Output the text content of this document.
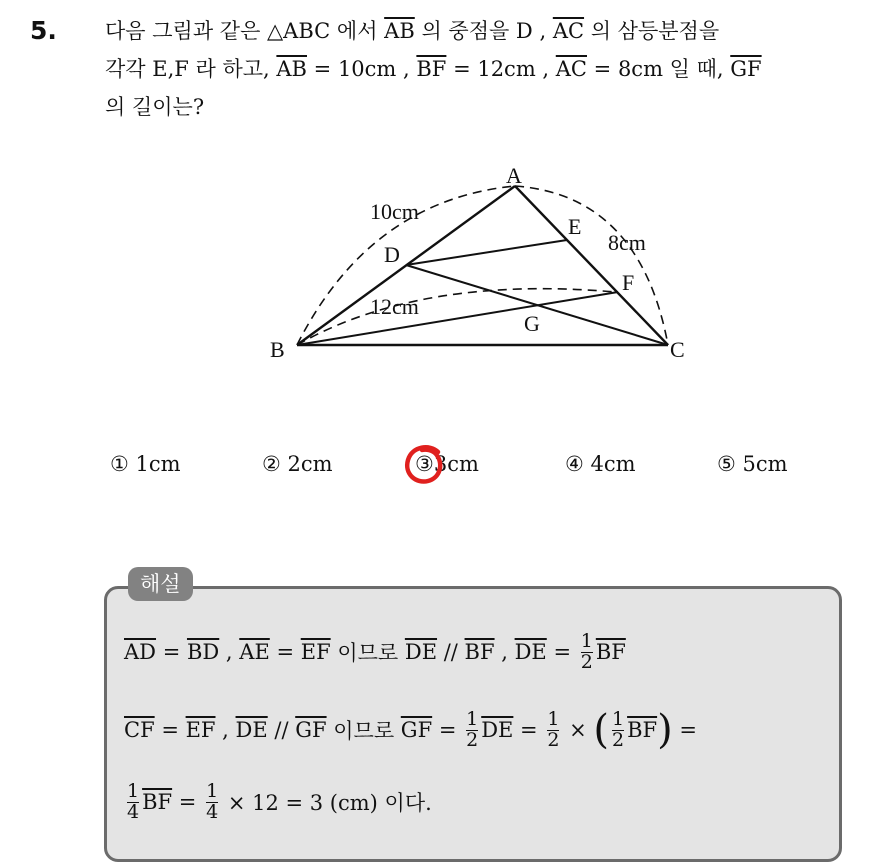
5. 다음 그림과 같은 △ABC 에서 $\overline{AB}$ 의 중점을 D , $\overline{AC}$ 의 삼등분점을
각각 E,F 라 하고, $\overline{AB} = 10cm$ , $\overline{BF} = 12cm$ , $\overline{AC} = 8cm$ 일 때, $\overline{GF}$
의 길이는?
A
B	C
D
E
F
G
10cm
8cm
12cm
① 1cm	② 2cm	③3cm	④ 4cm	⑤ 5cm
해설
$\overline{AD} = \overline{BD}$ , $\overline{AE} = \overline{EF}$ 이므로 $\overline{DE} // \overline{BF}$ , $\overline{DE} = \frac{1}{2} \overline{BF}$
$\overline{CF} = \overline{EF}$ , $\overline{DE} // \overline{GF}$ 이므로 $\overline{GF} = \frac{1}{2} \overline{DE} = \frac{1}{2}$ × ( $\frac{1}{2} \overline{BF}$ ) =
$\frac{1}{4} \overline{BF} = \frac{1}{4} \times 12 = 3$ (cm) 이다.
